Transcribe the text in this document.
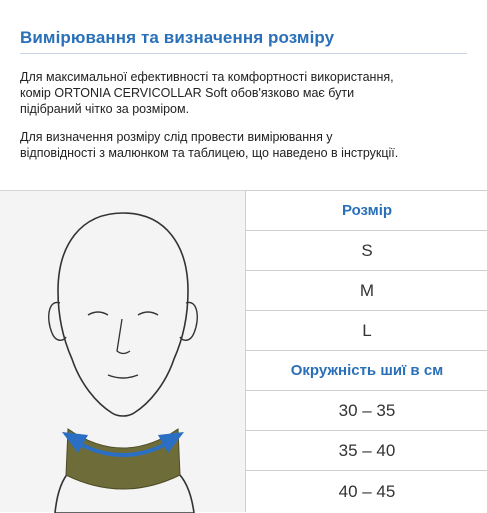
Вимірювання та визначення розміру
Для максимальної ефективності та комфортності використання,
комір ORTONIA CERVICOLLAR Soft обов'язково має бути
підібраний чітко за розміром.
Для визначення розміру слід провести вимірювання у
відповідності з малюнком та таблицею, що наведено в інструкції.
Розмір
S
M
L
Окружність шиї в см
30 – 35
35 – 40
40 – 45
